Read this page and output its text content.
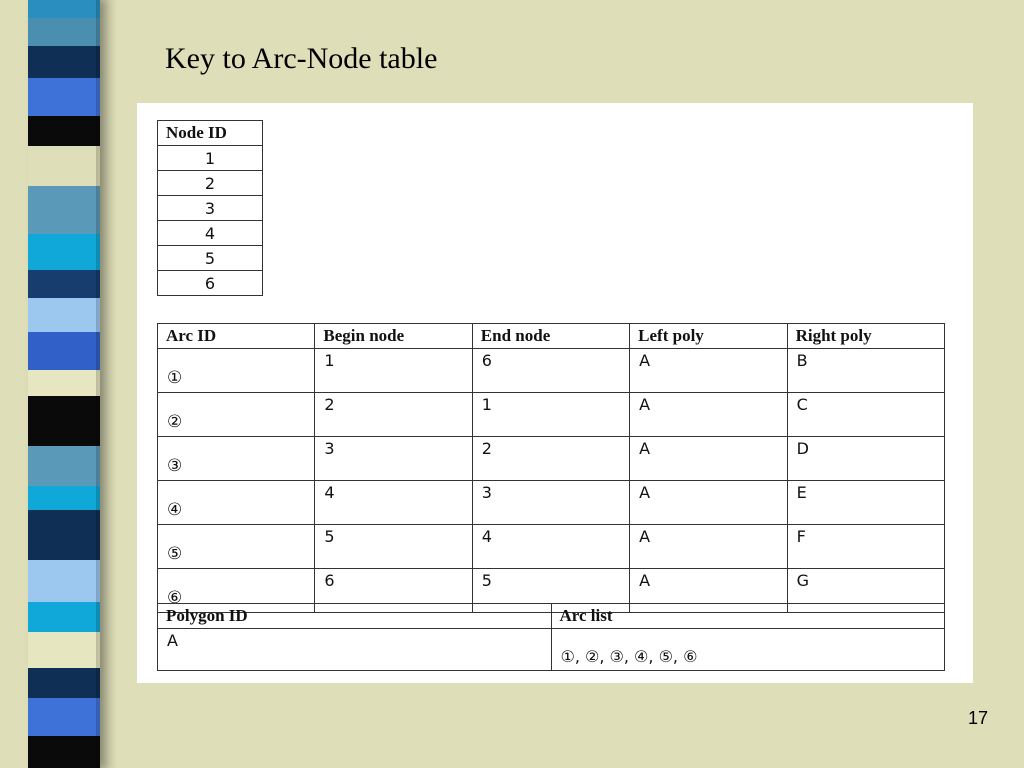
Key to Arc-Node table
Node ID
1
2
3
4
5
6
Arc ID	Begin node	End node	Left poly	Right poly
①	1	6	A	B
②	2	1	A	C
③	3	2	A	D
④	4	3	A	E
⑤	5	4	A	F
⑥	6	5	A	G
Polygon ID	Arc list
A	①, ②, ③, ④, ⑤, ⑥
17
